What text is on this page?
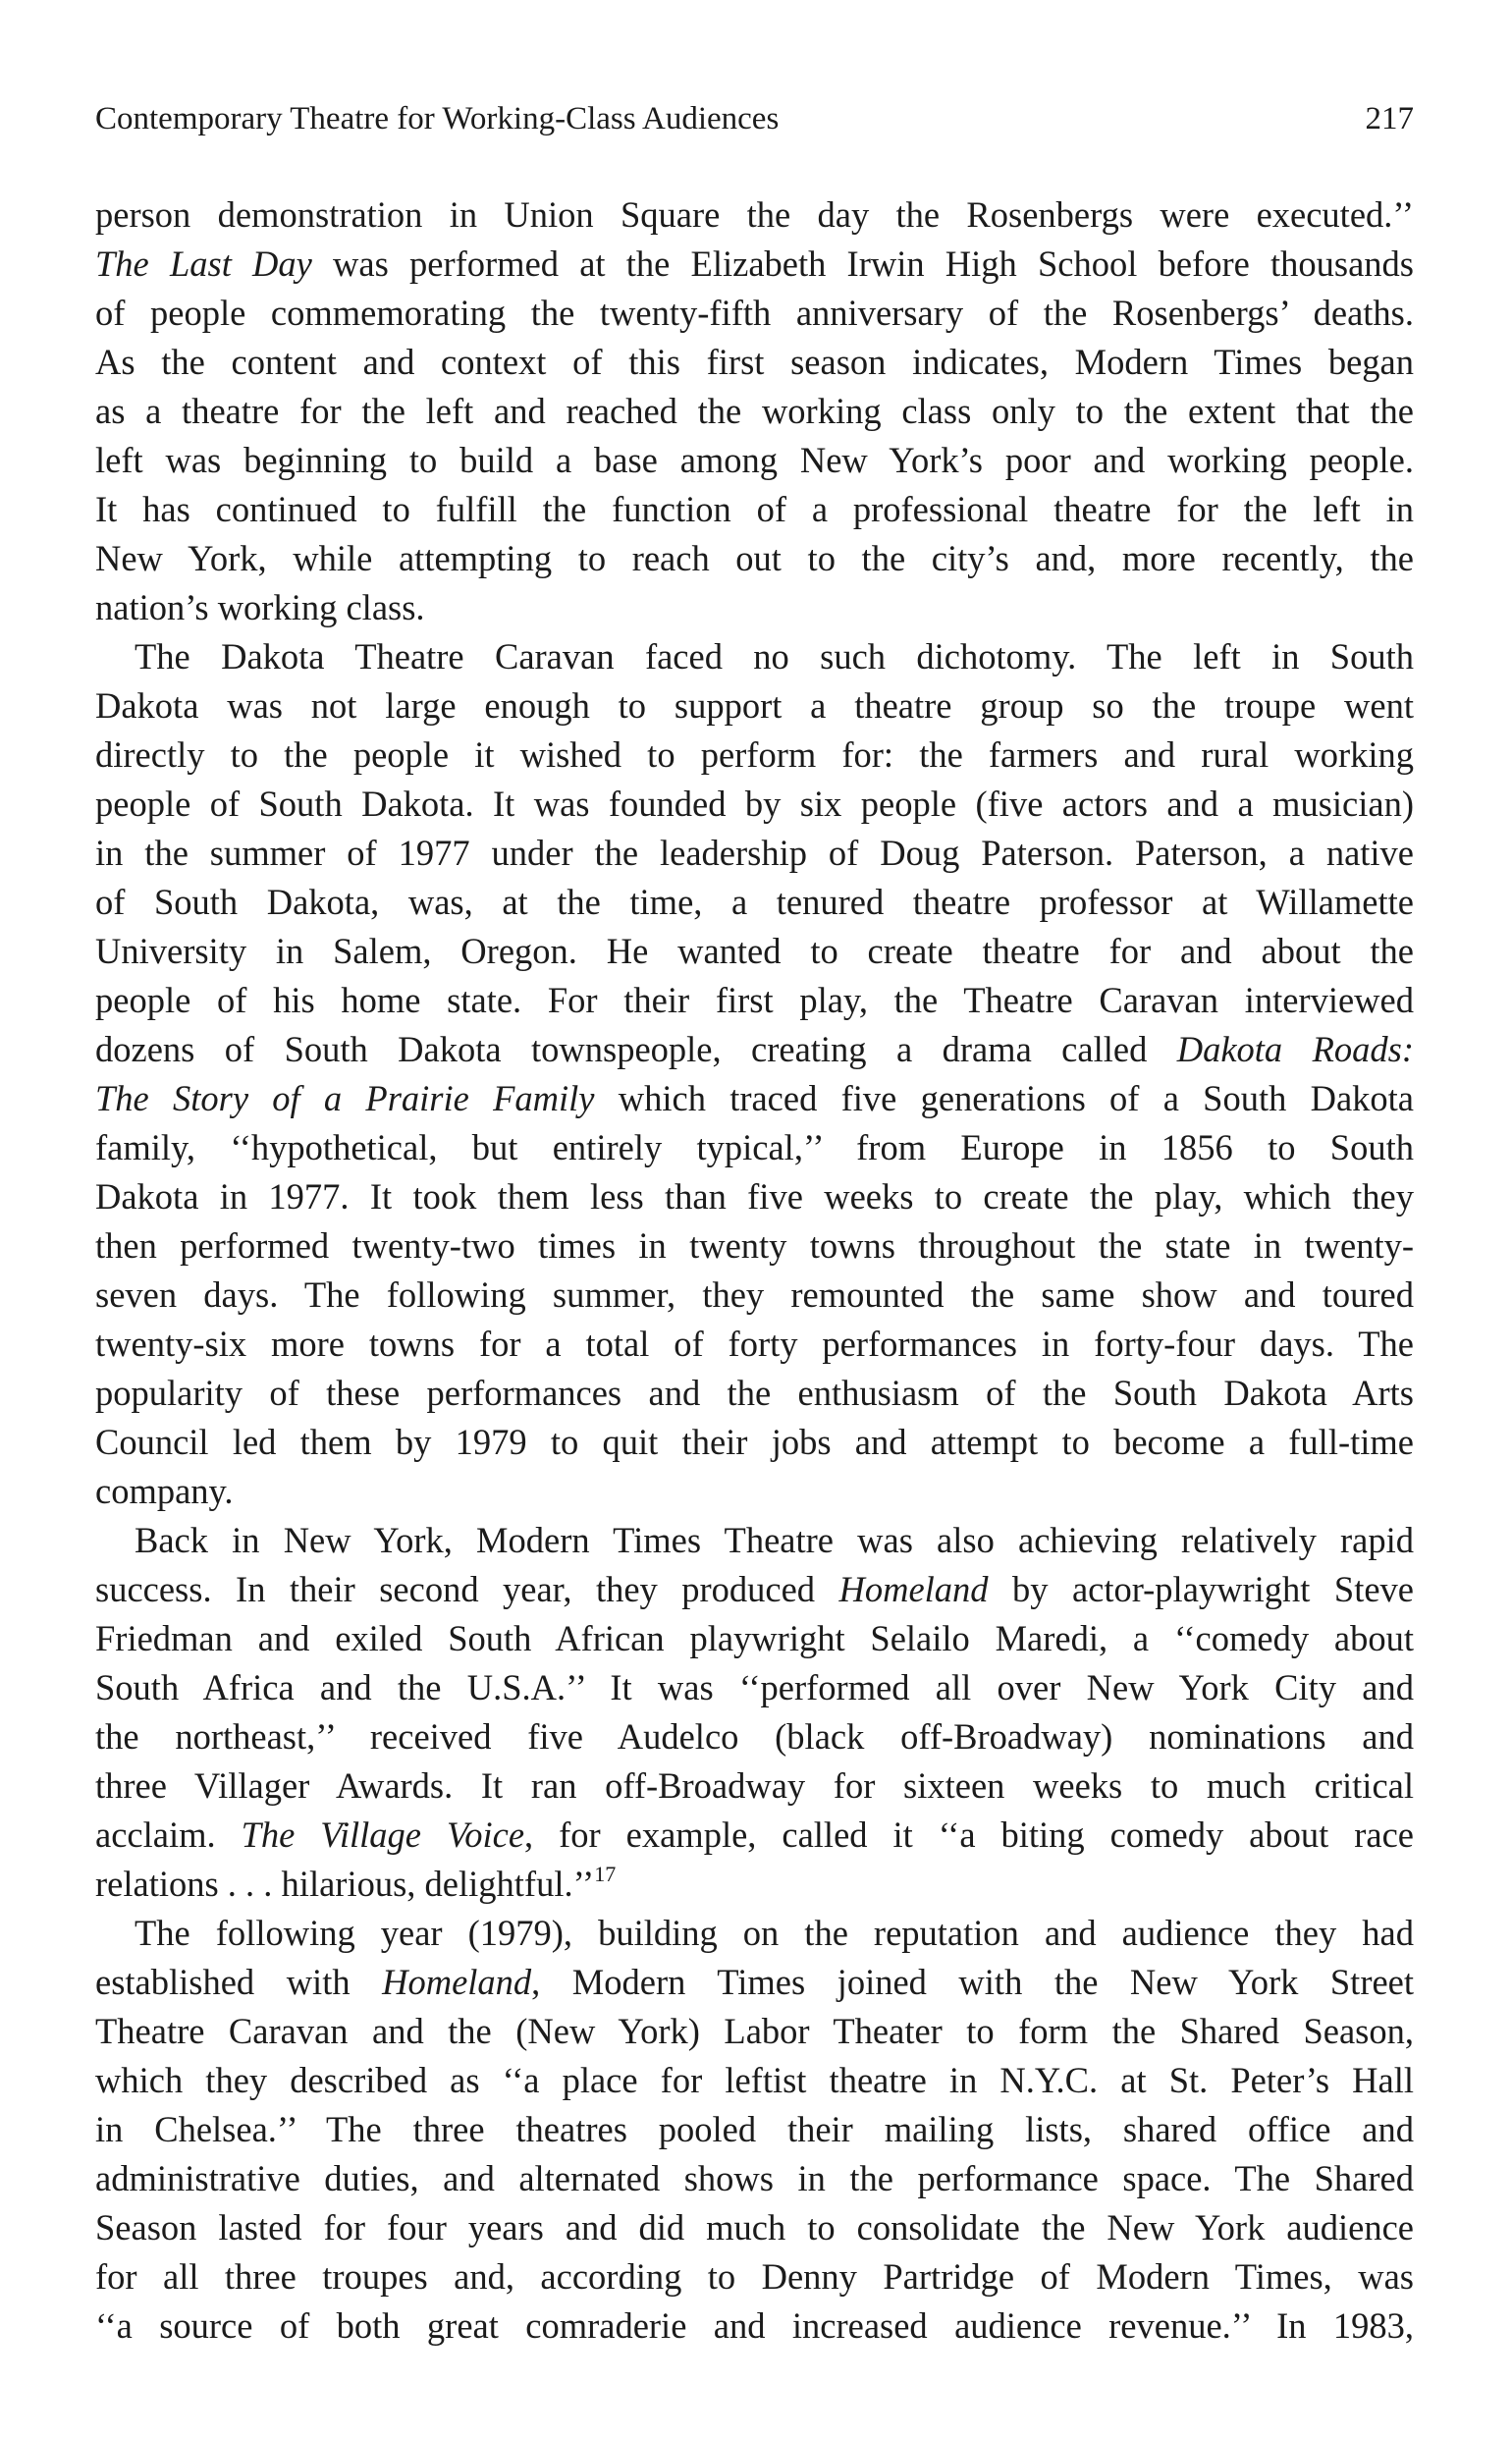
Contemporary Theatre for Working-Class Audiences	217
person demonstration in Union Square the day the Rosenbergs were executed.’’
The Last Day was performed at the Elizabeth Irwin High School before thousands
of people commemorating the twenty-fifth anniversary of the Rosenbergs’ deaths.
As the content and context of this first season indicates, Modern Times began
as a theatre for the left and reached the working class only to the extent that the
left was beginning to build a base among New York’s poor and working people.
It has continued to fulfill the function of a professional theatre for the left in
New York, while attempting to reach out to the city’s and, more recently, the
nation’s working class.
The Dakota Theatre Caravan faced no such dichotomy. The left in South
Dakota was not large enough to support a theatre group so the troupe went
directly to the people it wished to perform for: the farmers and rural working
people of South Dakota. It was founded by six people (five actors and a musician)
in the summer of 1977 under the leadership of Doug Paterson. Paterson, a native
of South Dakota, was, at the time, a tenured theatre professor at Willamette
University in Salem, Oregon. He wanted to create theatre for and about the
people of his home state. For their first play, the Theatre Caravan interviewed
dozens of South Dakota townspeople, creating a drama called Dakota Roads:
The Story of a Prairie Family which traced five generations of a South Dakota
family, ‘‘hypothetical, but entirely typical,’’ from Europe in 1856 to South
Dakota in 1977. It took them less than five weeks to create the play, which they
then performed twenty-two times in twenty towns throughout the state in twenty-
seven days. The following summer, they remounted the same show and toured
twenty-six more towns for a total of forty performances in forty-four days. The
popularity of these performances and the enthusiasm of the South Dakota Arts
Council led them by 1979 to quit their jobs and attempt to become a full-time
company.
Back in New York, Modern Times Theatre was also achieving relatively rapid
success. In their second year, they produced Homeland by actor-playwright Steve
Friedman and exiled South African playwright Selailo Maredi, a ‘‘comedy about
South Africa and the U.S.A.’’ It was ‘‘performed all over New York City and
the northeast,’’ received five Audelco (black off-Broadway) nominations and
three Villager Awards. It ran off-Broadway for sixteen weeks to much critical
acclaim. The Village Voice, for example, called it ‘‘a biting comedy about race
relations . . . hilarious, delightful.’’$^{17}$
The following year (1979), building on the reputation and audience they had
established with Homeland, Modern Times joined with the New York Street
Theatre Caravan and the (New York) Labor Theater to form the Shared Season,
which they described as ‘‘a place for leftist theatre in N.Y.C. at St. Peter’s Hall
in Chelsea.’’ The three theatres pooled their mailing lists, shared office and
administrative duties, and alternated shows in the performance space. The Shared
Season lasted for four years and did much to consolidate the New York audience
for all three troupes and, according to Denny Partridge of Modern Times, was
‘‘a source of both great comraderie and increased audience revenue.’’ In 1983,
